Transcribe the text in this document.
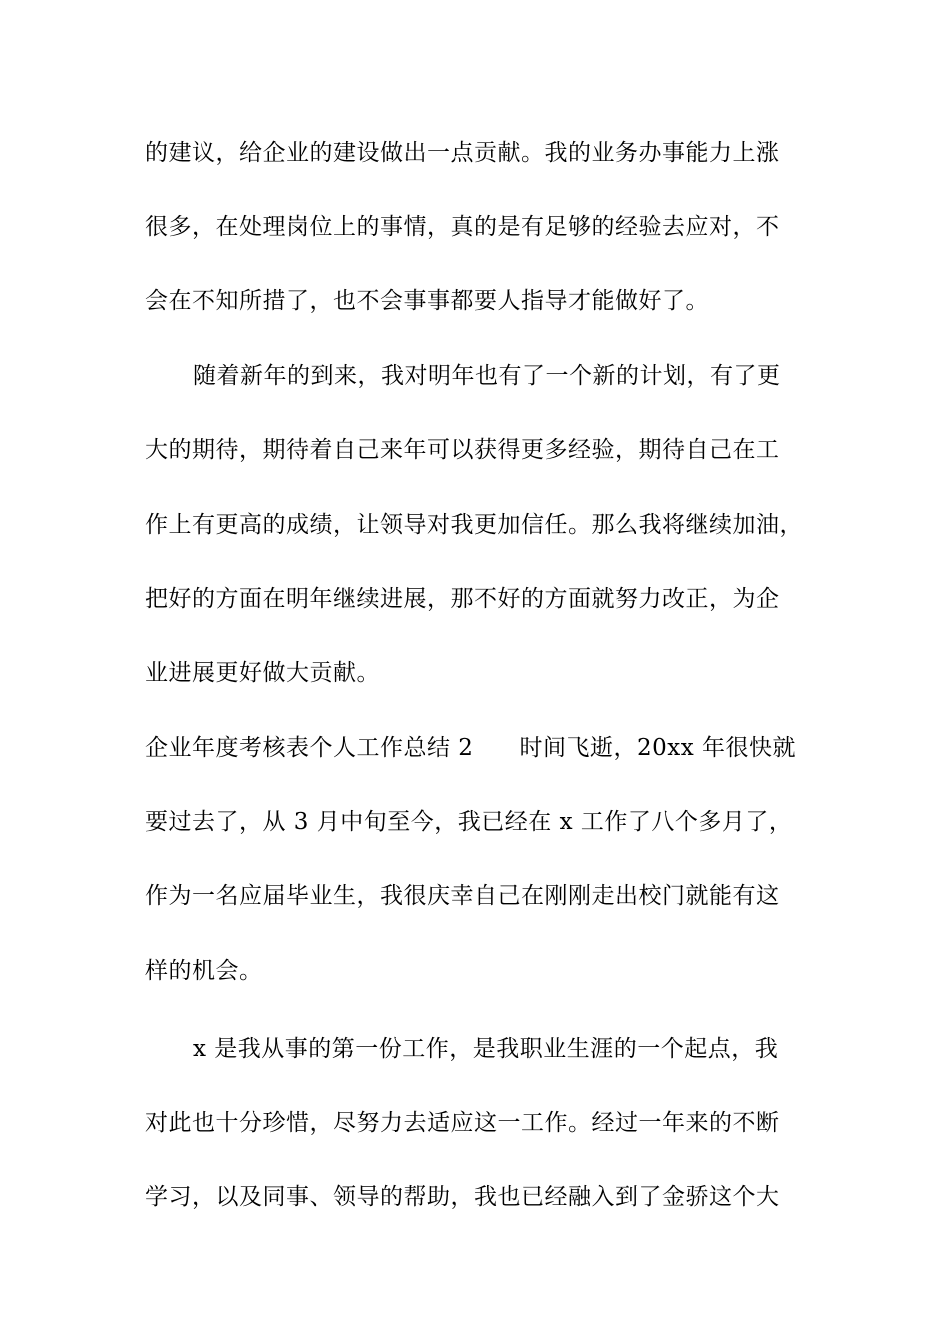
的建议，给企业的建设做出一点贡献。我的业务办事能力上涨
很多，在处理岗位上的事情，真的是有足够的经验去应对，不
会在不知所措了，也不会事事都要人指导才能做好了。
随着新年的到来，我对明年也有了一个新的计划，有了更
大的期待，期待着自己来年可以获得更多经验，期待自己在工
作上有更高的成绩，让领导对我更加信任。那么我将继续加油，
把好的方面在明年继续进展，那不好的方面就努力改正，为企
业进展更好做大贡献。
企业年度考核表个人工作总结 2 时间飞逝，20xx 年很快就
要过去了，从 3 月中旬至今，我已经在 x 工作了八个多月了，
作为一名应届毕业生，我很庆幸自己在刚刚走出校门就能有这
样的机会。
x 是我从事的第一份工作，是我职业生涯的一个起点，我
对此也十分珍惜，尽努力去适应这一工作。经过一年来的不断
学习，以及同事、领导的帮助，我也已经融入到了金骄这个大
